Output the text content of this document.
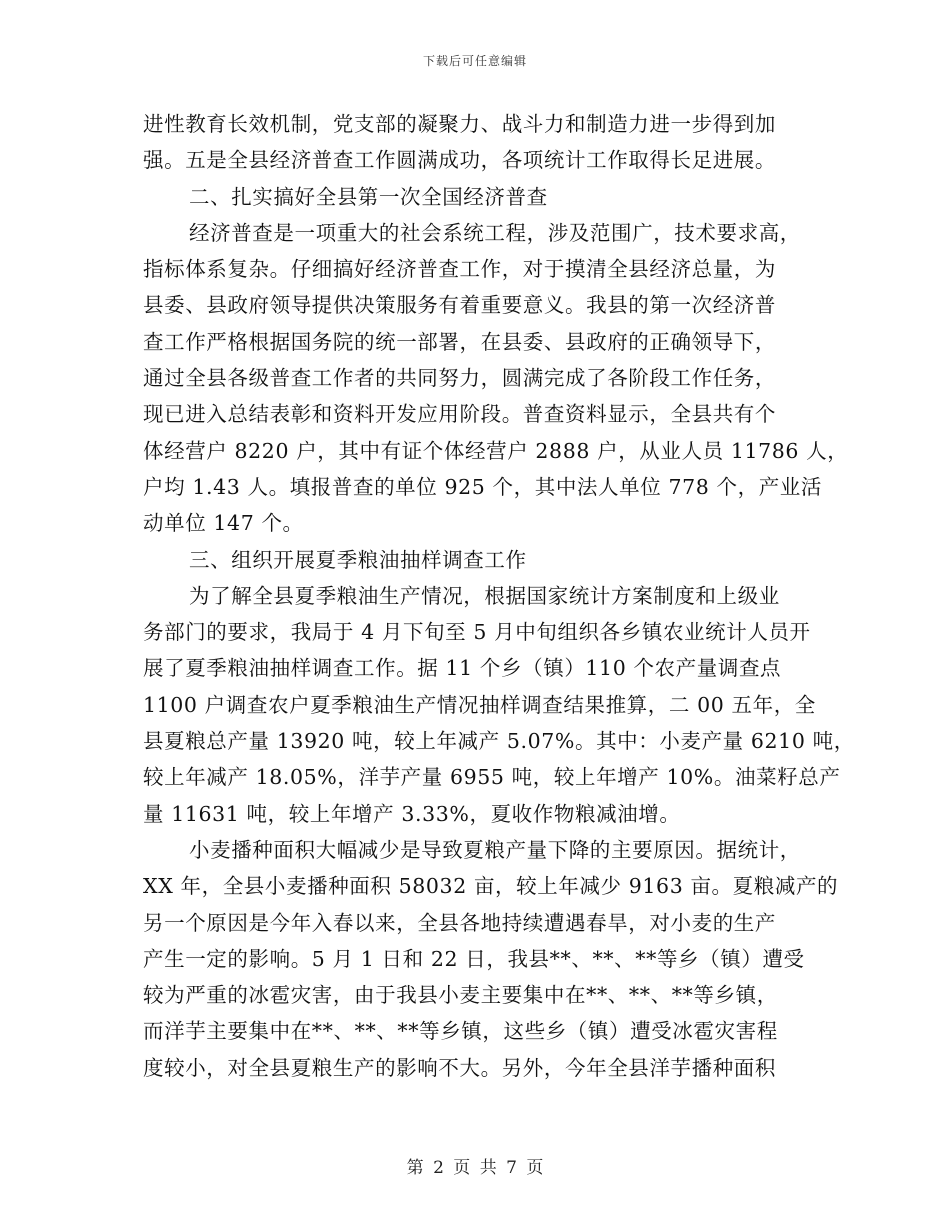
下载后可任意编辑
进性教育长效机制，党支部的凝聚力、战斗力和制造力进一步得到加
强。五是全县经济普查工作圆满成功，各项统计工作取得长足进展。
二、扎实搞好全县第一次全国经济普查
经济普查是一项重大的社会系统工程，涉及范围广，技术要求高，
指标体系复杂。仔细搞好经济普查工作，对于摸清全县经济总量，为
县委、县政府领导提供决策服务有着重要意义。我县的第一次经济普
查工作严格根据国务院的统一部署，在县委、县政府的正确领导下，
通过全县各级普查工作者的共同努力，圆满完成了各阶段工作任务，
现已进入总结表彰和资料开发应用阶段。普查资料显示，全县共有个
体经营户 8220 户，其中有证个体经营户 2888 户，从业人员 11786 人，
户均 1.43 人。填报普查的单位 925 个，其中法人单位 778 个，产业活
动单位 147 个。
三、组织开展夏季粮油抽样调查工作
为了解全县夏季粮油生产情况，根据国家统计方案制度和上级业
务部门的要求，我局于 4 月下旬至 5 月中旬组织各乡镇农业统计人员开
展了夏季粮油抽样调查工作。据 11 个乡（镇）110 个农产量调查点
1100 户调查农户夏季粮油生产情况抽样调查结果推算，二 00 五年，全
县夏粮总产量 13920 吨，较上年减产 5.07%。其中：小麦产量 6210 吨，
较上年减产 18.05%，洋芋产量 6955 吨，较上年增产 10%。油菜籽总产
量 11631 吨，较上年增产 3.33%，夏收作物粮减油增。
小麦播种面积大幅减少是导致夏粮产量下降的主要原因。据统计，
XX 年，全县小麦播种面积 58032 亩，较上年减少 9163 亩。夏粮减产的
另一个原因是今年入春以来，全县各地持续遭遇春旱，对小麦的生产
产生一定的影响。5 月 1 日和 22 日，我县**、**、**等乡（镇）遭受
较为严重的冰雹灾害，由于我县小麦主要集中在**、**、**等乡镇，
而洋芋主要集中在**、**、**等乡镇，这些乡（镇）遭受冰雹灾害程
度较小，对全县夏粮生产的影响不大。另外，今年全县洋芋播种面积
第 2 页 共 7 页
